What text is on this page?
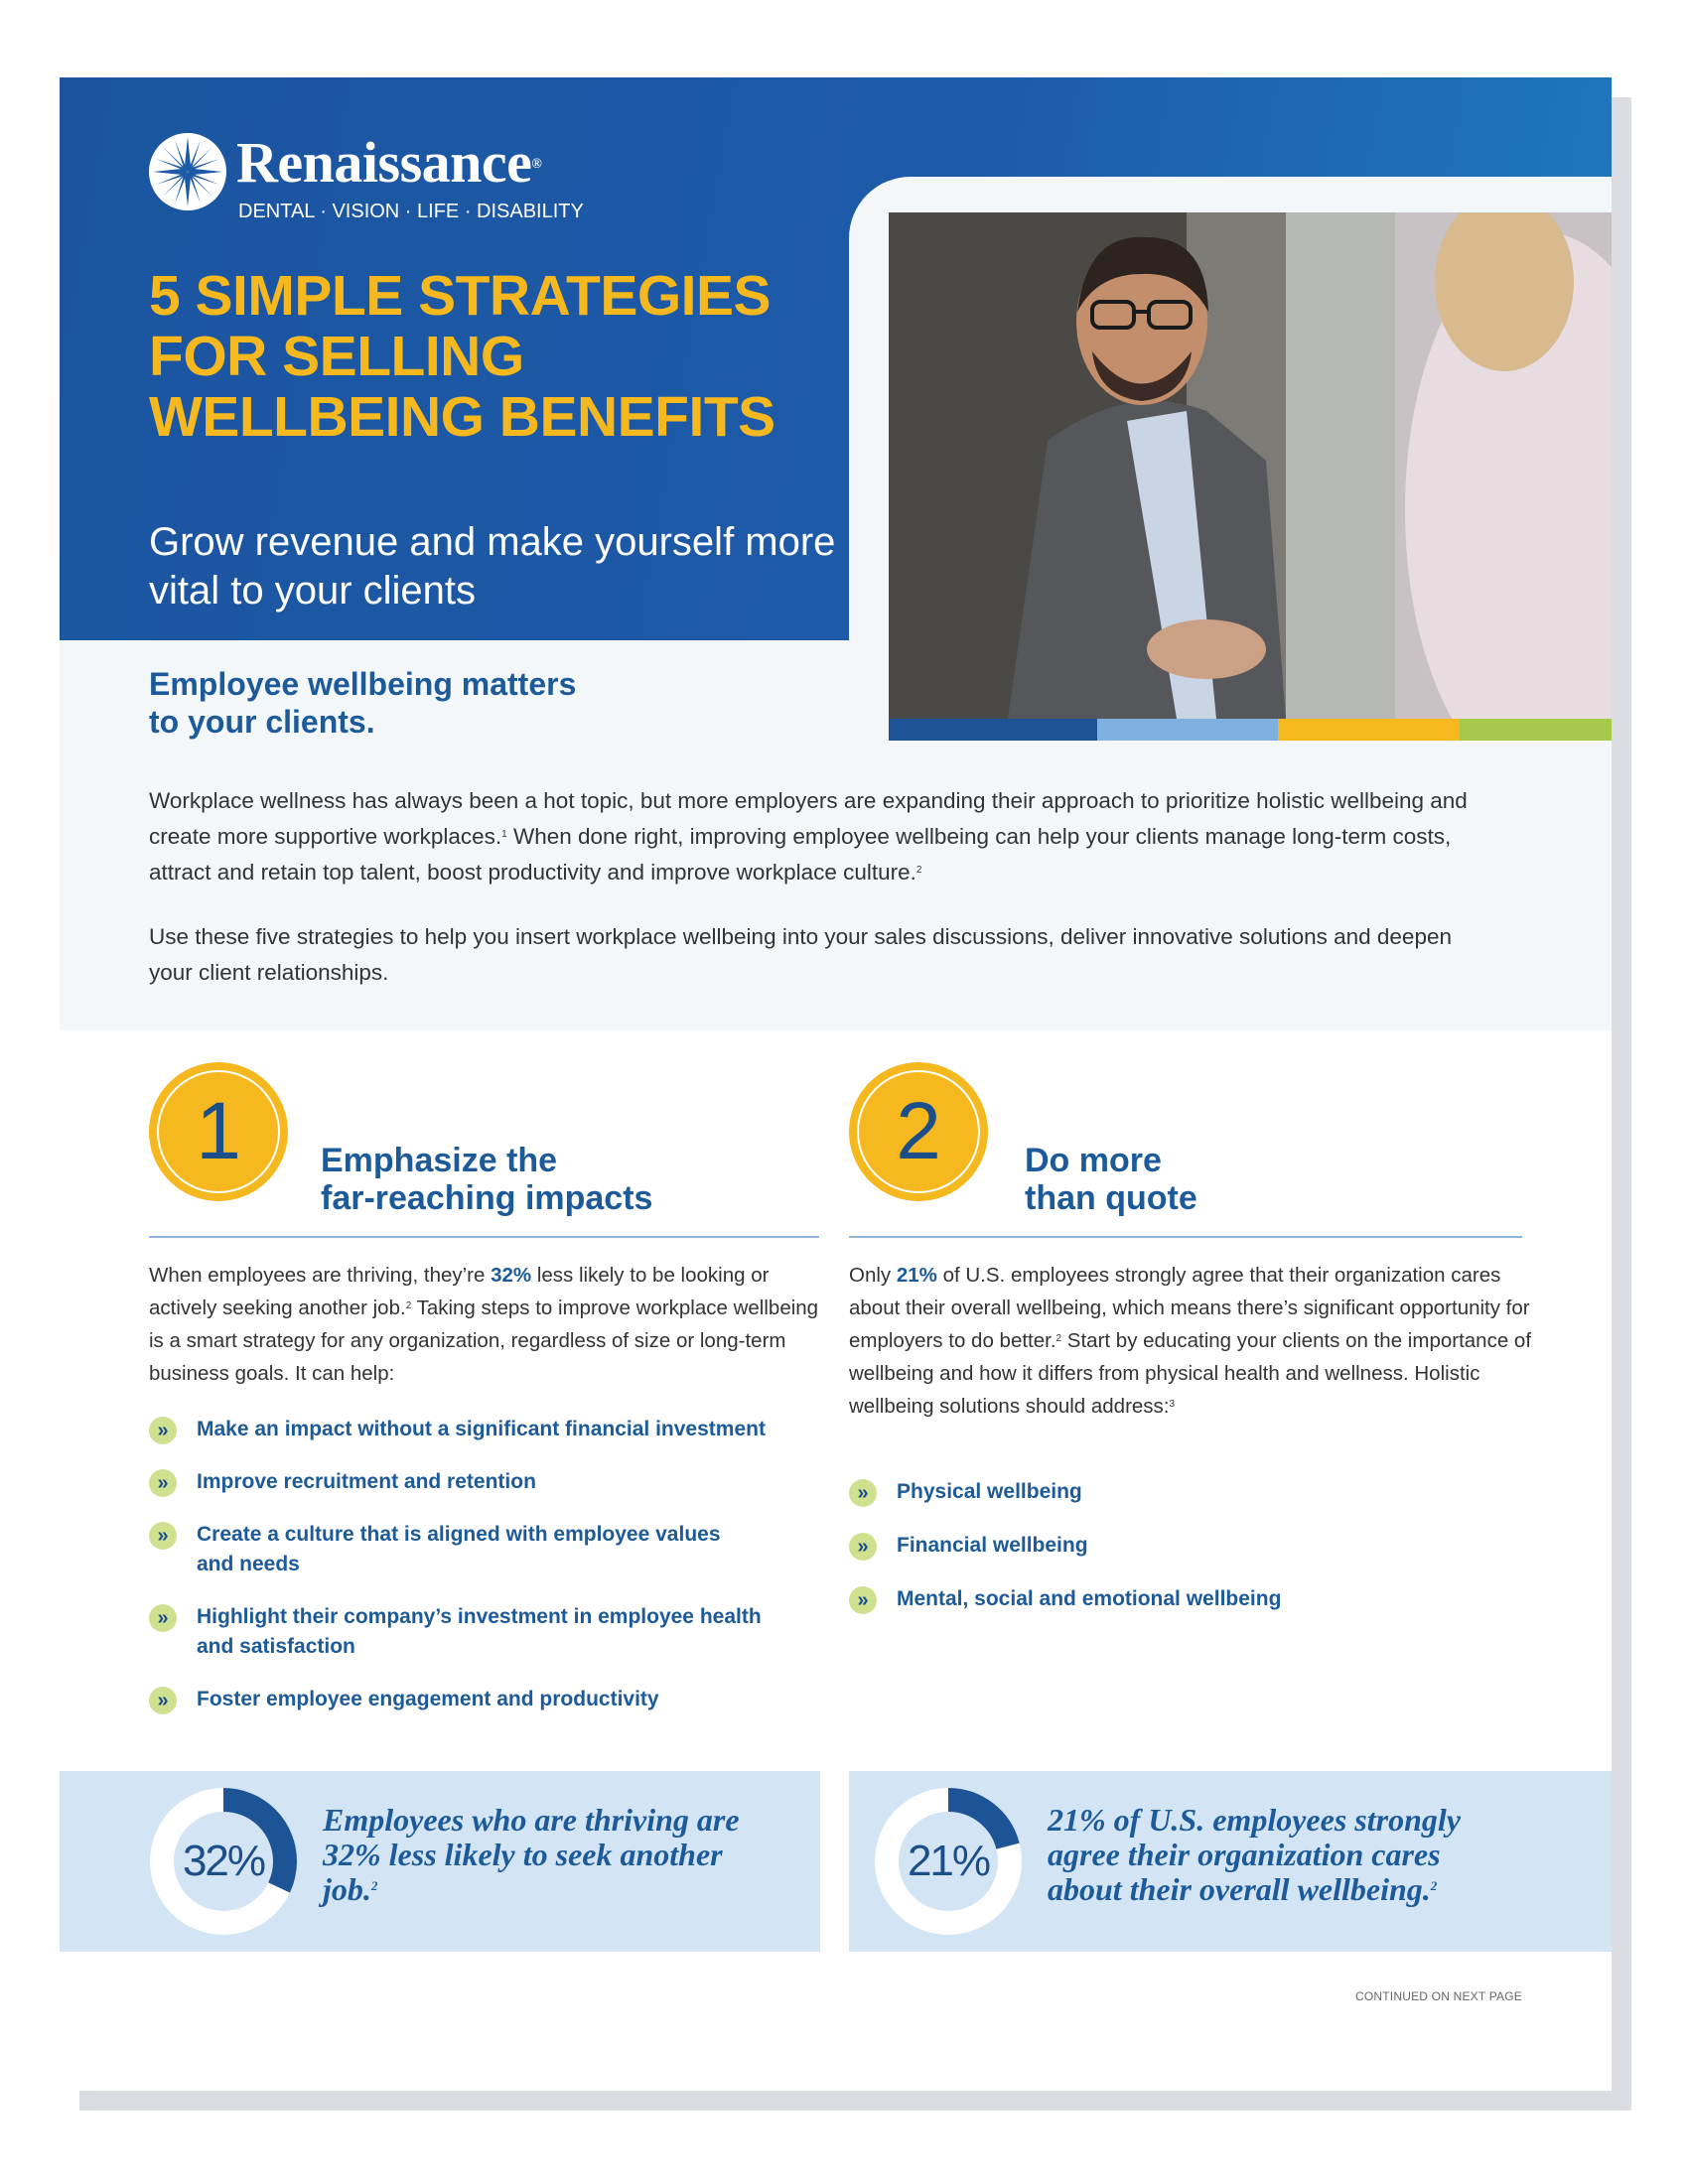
Renaissance®
DENTAL · VISION · LIFE · DISABILITY
5 SIMPLE STRATEGIES FOR SELLING WELLBEING BENEFITS
Grow revenue and make yourself more vital to your clients
Employee wellbeing matters
to your clients.

Workplace wellness has always been a hot topic, but more employers are expanding their approach to prioritize holistic wellbeing and create more supportive workplaces.$^1$ When done right, improving employee wellbeing can help your clients manage long-term costs, attract and retain top talent, boost productivity and improve workplace culture.$^2$

Use these five strategies to help you insert workplace wellbeing into your sales discussions, deliver innovative solutions and deepen your client relationships.

1	Emphasize the
far-reaching impacts

When employees are thriving, they’re 32% less likely to be looking or actively seeking another job.$^2$ Taking steps to improve workplace wellbeing is a smart strategy for any organization, regardless of size or long-term business goals. It can help:

»	Make an impact without a significant financial investment
»	Improve recruitment and retention
»	Create a culture that is aligned with employee values and needs
»	Highlight their company’s investment in employee health and satisfaction
»	Foster employee engagement and productivity
2	Do more
than quote

Only 21% of U.S. employees strongly agree that their organization cares about their overall wellbeing, which means there’s significant opportunity for employers to do better.$^2$ Start by educating your clients on the importance of wellbeing and how it differs from physical health and wellness. Holistic wellbeing solutions should address:$^3$

»	Physical wellbeing
»	Financial wellbeing
»	Mental, social and emotional wellbeing
32%

Employees who are thriving are 32% less likely to seek another job.$^2$

21%

21% of U.S. employees strongly agree their organization cares about their overall wellbeing.$^2$

CONTINUED ON NEXT PAGE
